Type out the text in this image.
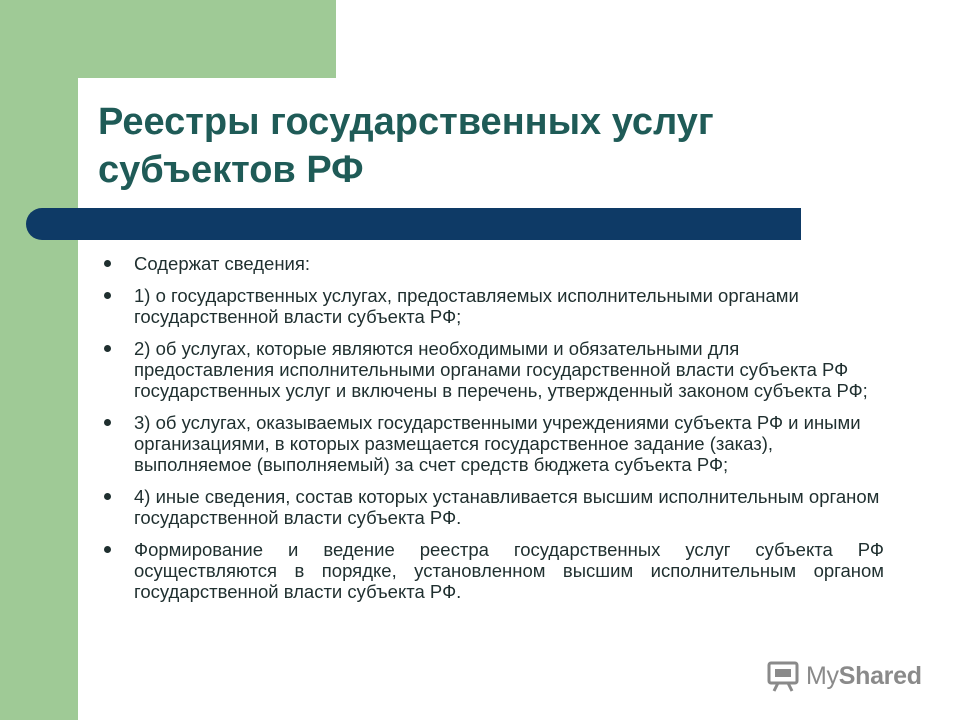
Реестры государственных услуг
субъектов РФ
Содержат сведения:
1) о государственных услугах, предоставляемых исполнительными органами государственной власти субъекта РФ;
2) об услугах, которые являются необходимыми и обязательными для предоставления исполнительными органами государственной власти субъекта РФ государственных услуг и включены в перечень, утвержденный законом субъекта РФ;
3) об услугах, оказываемых государственными учреждениями субъекта РФ и иными организациями, в которых размещается государственное задание (заказ), выполняемое (выполняемый) за счет средств бюджета субъекта РФ;
4) иные сведения, состав которых устанавливается высшим исполнительным органом государственной власти субъекта РФ.
Формирование и ведение реестра государственных услуг субъекта РФ осуществляются в порядке, установленном высшим исполнительным органом государственной власти субъекта РФ.
MyShared
